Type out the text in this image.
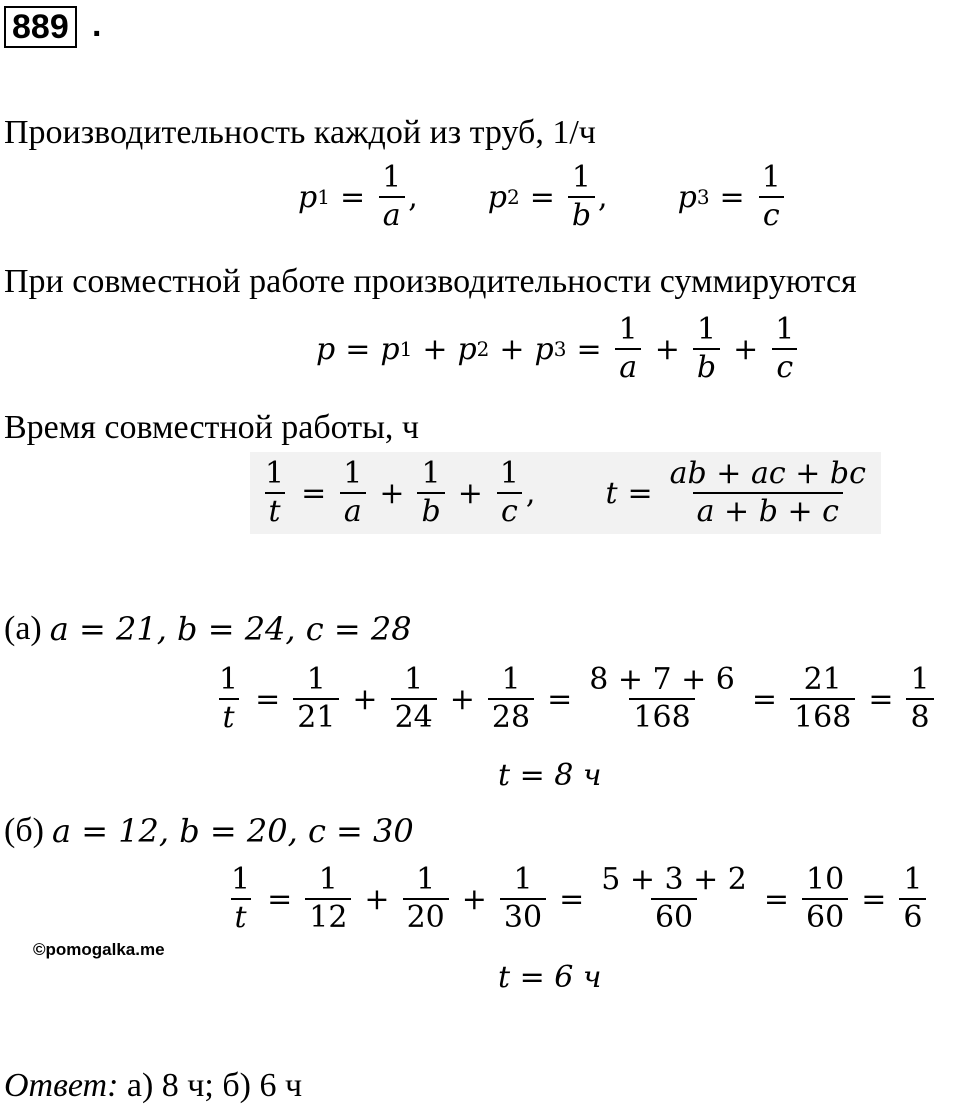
889 .
Производительность каждой из труб, 1/ч
p $1 = \frac{1}{a}$ , p $2 = \frac{1}{b}$ , p $3 = \frac{1}{c}$
При совместной работе производительности суммируются
p = p 1 + p 2 + p $3 = \frac{1}{a} + \frac{1}{b} + \frac{1}{c}$
Время совместной работы, ч
$\frac{1}{t} = \frac{1}{a} + \frac{1}{b} + \frac{1}{c}$ , $t = \frac{ab + ac + bc}{a + b + c}$
(a) a = 21, b = 24, c = 28
$\frac{1}{t} = \frac{1}{21} + \frac{1}{24} + \frac{1}{28} = \frac{8 + 7 + 6}{168} = \frac{21}{168} = \frac{1}{8}$
t = 8 ч
(б) a = 12, b = 20, c = 30
$\frac{1}{t} = \frac{1}{12} + \frac{1}{20} + \frac{1}{30} = \frac{5 + 3 + 2}{60} = \frac{10}{60} = \frac{1}{6}$
©pomogalka.me
t = 6 ч
Ответ: а) 8 ч; б) 6 ч
